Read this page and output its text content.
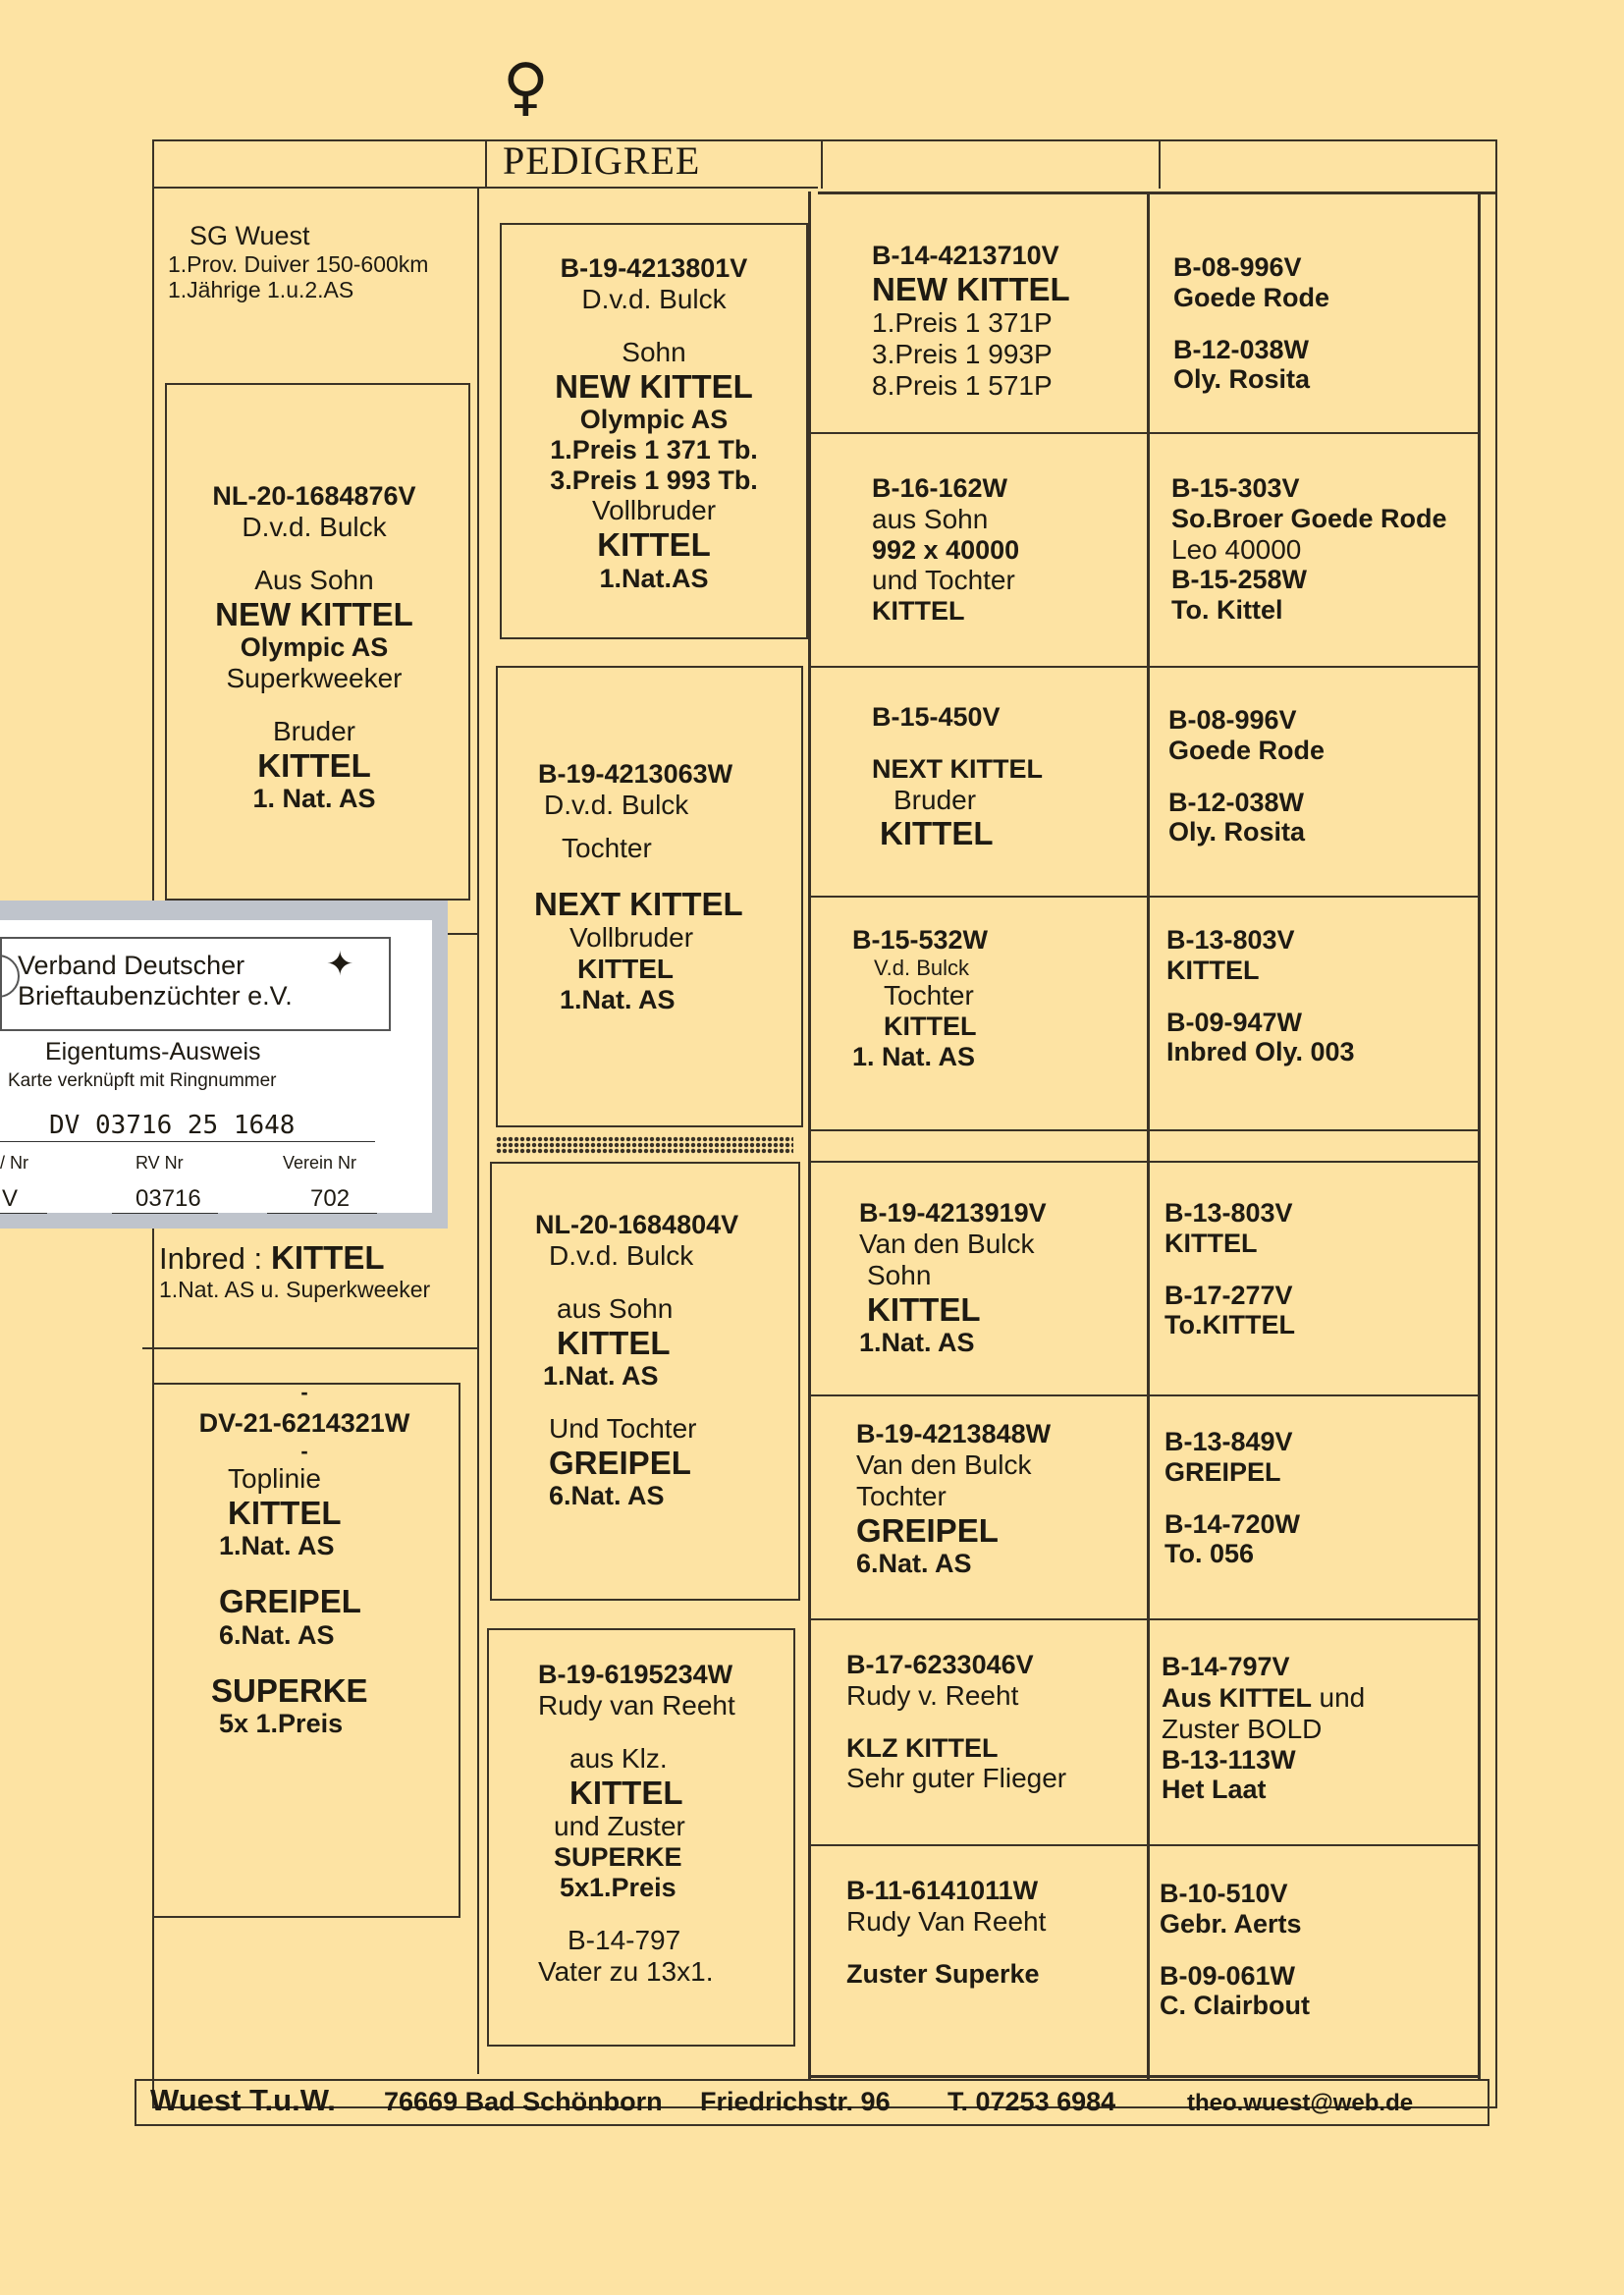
♀
PEDIGREE
SG Wuest
1.Prov. Duiver 150-600km
1.Jährige 1.u.2.AS
NL-20-1684876V
D.v.d. Bulck
Aus Sohn
NEW KITTEL
Olympic AS
Superkweeker
Bruder
KITTEL
1. Nat. AS
Inbred : KITTEL
1.Nat. AS u. Superkweeker
-
DV-21-6214321W
-
Toplinie
KITTEL
1.Nat. AS
GREIPEL
6.Nat. AS
SUPERKE
5x 1.Preis
B-19-4213801V
D.v.d. Bulck
Sohn
NEW KITTEL
Olympic AS
1.Preis 1 371 Tb.
3.Preis 1 993 Tb.
Vollbruder
KITTEL
1.Nat.AS
B-19-4213063W
D.v.d. Bulck
Tochter
NEXT KITTEL
Vollbruder
KITTEL
1.Nat. AS
NL-20-1684804V
D.v.d. Bulck
aus Sohn
KITTEL
1.Nat. AS
Und Tochter
GREIPEL
6.Nat. AS
B-19-6195234W
Rudy van Reeht
aus Klz.
KITTEL
und Zuster
SUPERKE
5x1.Preis
B-14-797
Vater zu 13x1.
B-14-4213710V
NEW KITTEL
1.Preis 1 371P
3.Preis 1 993P
8.Preis 1 571P
B-16-162W
aus Sohn
992 x 40000
und Tochter
KITTEL
B-15-450V
NEXT KITTEL
Bruder
KITTEL
B-15-532W
V.d. Bulck
Tochter
KITTEL
1. Nat. AS
B-19-4213919V
Van den Bulck
Sohn
KITTEL
1.Nat. AS
B-19-4213848W
Van den Bulck
Tochter
GREIPEL
6.Nat. AS
B-17-6233046V
Rudy v. Reeht
KLZ KITTEL
Sehr guter Flieger
B-11-6141011W
Rudy Van Reeht
Zuster Superke
B-08-996V
Goede Rode
B-12-038W
Oly. Rosita
B-15-303V
So.Broer Goede Rode
Leo 40000
B-15-258W
To. Kittel
B-08-996V
Goede Rode
B-12-038W
Oly. Rosita
B-13-803V
KITTEL
B-09-947W
Inbred Oly. 003
B-13-803V
KITTEL
B-17-277V
To.KITTEL
B-13-849V
GREIPEL
B-14-720W
To. 056
B-14-797V
Aus KITTEL und
Zuster BOLD
B-13-113W
Het Laat
B-10-510V
Gebr. Aerts
B-09-061W
C. Clairbout
✦
Verband Deutscher
Brieftaubenzüchter e.V.
Eigentums-Ausweis
Karte verknüpft mit Ringnummer
DV 03716 25 1648
/ Nr	RV Nr	Verein Nr
V	03716	702
Wuest T.u.W. 76669 Bad Schönborn Friedrichstr. 96 T. 07253 6984	theo.wuest@web.de
